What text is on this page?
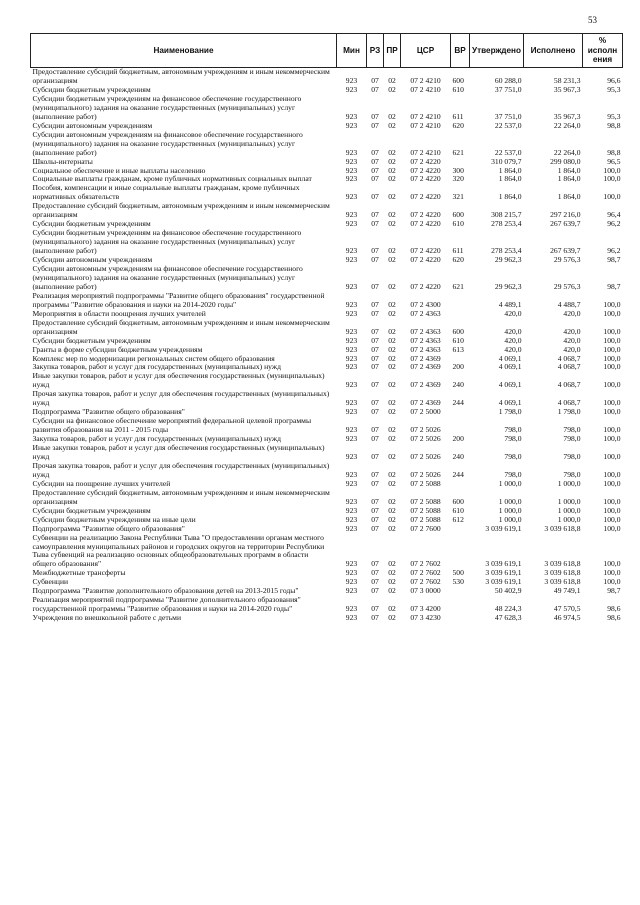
53
Наименование	Мин	РЗ	ПР	ЦСР	ВР	Утверждено	Исполнено	% исполн ения
Предоставление субсидий бюджетным, автономным учреждениям и иным некоммерческим организациям	923	07	02	07 2 4210	600	60 288,0	58 231,3	96,6
Субсидии бюджетным учреждениям	923	07	02	07 2 4210	610	37 751,0	35 967,3	95,3
Субсидии бюджетным учреждениям на финансовое обеспечение государственного (муниципального) задания на оказание государственных (муниципальных) услуг (выполнение работ)	923	07	02	07 2 4210	611	37 751,0	35 967,3	95,3
Субсидии автономным учреждениям	923	07	02	07 2 4210	620	22 537,0	22 264,0	98,8
Субсидии автономным учреждениям на финансовое обеспечение государственного (муниципального) задания на оказание государственных (муниципальных) услуг (выполнение работ)	923	07	02	07 2 4210	621	22 537,0	22 264,0	98,8
Школы-интернаты	923	07	02	07 2 4220		310 079,7	299 080,0	96,5
Социальное обеспечение и иные выплаты населению	923	07	02	07 2 4220	300	1 864,0	1 864,0	100,0
Социальные выплаты гражданам, кроме публичных нормативных социальных выплат	923	07	02	07 2 4220	320	1 864,0	1 864,0	100,0
Пособия, компенсации и иные социальные выплаты гражданам, кроме публичных нормативных обязательств	923	07	02	07 2 4220	321	1 864,0	1 864,0	100,0
Предоставление субсидий бюджетным, автономным учреждениям и иным некоммерческим организациям	923	07	02	07 2 4220	600	308 215,7	297 216,0	96,4
Субсидии бюджетным учреждениям	923	07	02	07 2 4220	610	278 253,4	267 639,7	96,2
Субсидии бюджетным учреждениям на финансовое обеспечение государственного (муниципального) задания на оказание государственных (муниципальных) услуг (выполнение работ)	923	07	02	07 2 4220	611	278 253,4	267 639,7	96,2
Субсидии автономным учреждениям	923	07	02	07 2 4220	620	29 962,3	29 576,3	98,7
Субсидии автономным учреждениям на финансовое обеспечение государственного (муниципального) задания на оказание государственных (муниципальных) услуг (выполнение работ)	923	07	02	07 2 4220	621	29 962,3	29 576,3	98,7
Реализация мероприятий подпрограммы "Развитие общего образования" государственной программы "Развитие образования и науки на 2014-2020 годы"	923	07	02	07 2 4300		4 489,1	4 488,7	100,0
Мероприятия в области поощрения лучших учителей	923	07	02	07 2 4363		420,0	420,0	100,0
Предоставление субсидий бюджетным, автономным учреждениям и иным некоммерческим организациям	923	07	02	07 2 4363	600	420,0	420,0	100,0
Субсидии бюджетным учреждениям	923	07	02	07 2 4363	610	420,0	420,0	100,0
Гранты в форме субсидии бюджетным учреждениям	923	07	02	07 2 4363	613	420,0	420,0	100,0
Комплекс мер по модернизации региональных систем общего образования	923	07	02	07 2 4369		4 069,1	4 068,7	100,0
Закупка товаров, работ и услуг для государственных (муниципальных) нужд	923	07	02	07 2 4369	200	4 069,1	4 068,7	100,0
Иные закупки товаров, работ и услуг для обеспечения государственных (муниципальных) нужд	923	07	02	07 2 4369	240	4 069,1	4 068,7	100,0
Прочая закупка товаров, работ и услуг для обеспечения государственных (муниципальных) нужд	923	07	02	07 2 4369	244	4 069,1	4 068,7	100,0
Подпрограмма "Развитие общего образования"	923	07	02	07 2 5000		1 798,0	1 798,0	100,0
Субсидии на финансовое обеспечение мероприятий федеральной целевой программы развития образования на 2011 - 2015 годы	923	07	02	07 2 5026		798,0	798,0	100,0
Закупка товаров, работ и услуг для государственных (муниципальных) нужд	923	07	02	07 2 5026	200	798,0	798,0	100,0
Иные закупки товаров, работ и услуг для обеспечения государственных (муниципальных) нужд	923	07	02	07 2 5026	240	798,0	798,0	100,0
Прочая закупка товаров, работ и услуг для обеспечения государственных (муниципальных) нужд	923	07	02	07 2 5026	244	798,0	798,0	100,0
Субсидии на поощрение лучших учителей	923	07	02	07 2 5088		1 000,0	1 000,0	100,0
Предоставление субсидий бюджетным, автономным учреждениям и иным некоммерческим организациям	923	07	02	07 2 5088	600	1 000,0	1 000,0	100,0
Субсидии бюджетным учреждениям	923	07	02	07 2 5088	610	1 000,0	1 000,0	100,0
Субсидии бюджетным учреждениям на иные цели	923	07	02	07 2 5088	612	1 000,0	1 000,0	100,0
Подпрограмма "Развитие общего образования"	923	07	02	07 2 7600		3 039 619,1	3 039 618,8	100,0
Субвенции на реализацию Закона Республики Тыва "О предоставлении органам местного самоуправления муниципальных районов и городских округов на территории Республики Тыва субвенций на реализацию основных общеобразовательных программ в области общего образования"	923	07	02	07 2 7602		3 039 619,1	3 039 618,8	100,0
Межбюджетные трансферты	923	07	02	07 2 7602	500	3 039 619,1	3 039 618,8	100,0
Субвенции	923	07	02	07 2 7602	530	3 039 619,1	3 039 618,8	100,0
Подпрограмма "Развитие дополнительного образования детей на 2013-2015 годы"	923	07	02	07 3 0000		50 402,9	49 749,1	98,7
Реализация мероприятий подпрограммы "Развитие дополнительного образования" государственной программы "Развитие образования и науки на 2014-2020 годы"	923	07	02	07 3 4200		48 224,3	47 570,5	98,6
Учреждения по внешкольной работе с детьми	923	07	02	07 3 4230		47 628,3	46 974,5	98,6
